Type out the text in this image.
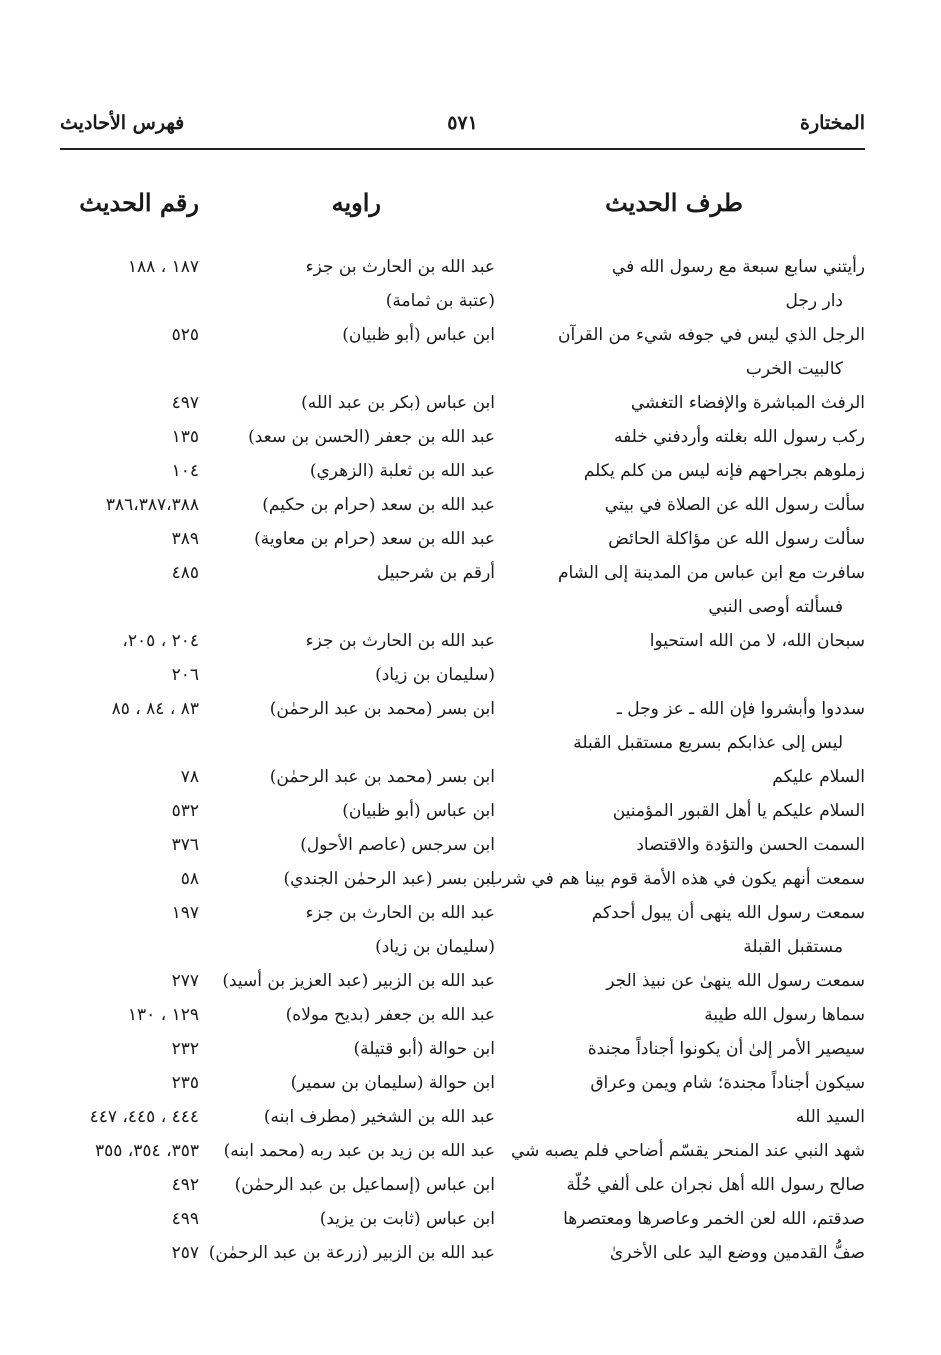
المختارة
٥٧١
فهرس الأحاديث
طرف الحديث
راويه
رقم الحديث
رأيتني سابع سبعة مع رسول الله في
دار رجل
عبد الله بن الحارث بن جزء
(عتبة بن ثمامة)
١٨٧ ، ١٨٨
الرجل الذي ليس في جوفه شيء من القرآن
كالبيت الخرب
ابن عباس (أبو ظبيان)
٥٢٥
الرفث المباشرة والإفضاء التغشي
ابن عباس (بكر بن عبد الله)
٤٩٧
ركب رسول الله بغلته وأردفني خلفه
عبد الله بن جعفر (الحسن بن سعد)
١٣٥
زملوهم بجراحهم فإنه ليس من كلم يكلم
عبد الله بن ثعلبة (الزهري)
١٠٤
سألت رسول الله عن الصلاة في بيتي
عبد الله بن سعد (حرام بن حكيم)
٣٨٦،٣٨٧،٣٨٨
سألت رسول الله عن مؤاكلة الحائض
عبد الله بن سعد (حرام بن معاوية)
٣٨٩
سافرت مع ابن عباس من المدينة إلى الشام
فسألته أوصى النبي
أرقم بن شرحبيل
٤٨٥
سبحان الله، لا من الله استحيوا
عبد الله بن الحارث بن جزء
(سليمان بن زياد)
٢٠٤ ، ٢٠٥،
٢٠٦
سددوا وأبشروا فإن الله ـ عز وجل ـ
ليس إلى عذابكم بسريع مستقبل القبلة
ابن بسر (محمد بن عبد الرحمٰن)
٨٣ ، ٨٤ ، ٨٥
السلام عليكم
ابن بسر (محمد بن عبد الرحمٰن)
٧٨
السلام عليكم يا أهل القبور المؤمنين
ابن عباس (أبو ظبيان)
٥٣٢
السمت الحسن والتؤدة والاقتصاد
ابن سرجس (عاصم الأحول)
٣٧٦
سمعت أنهم يكون في هذه الأمة قوم بينا هم في شرب
ابن بسر (عبد الرحمٰن الجندي)
٥٨
سمعت رسول الله ينهى أن يبول أحدكم
مستقبل القبلة
عبد الله بن الحارث بن جزء
(سليمان بن زياد)
١٩٧
سمعت رسول الله ينهىٰ عن نبيذ الجر
عبد الله بن الزبير (عبد العزيز بن أسيد)
٢٧٧
سماها رسول الله طيبة
عبد الله بن جعفر (بديح مولاه)
١٢٩ ، ١٣٠
سيصير الأمر إلىٰ أن يكونوا أجناداً مجندة
ابن حوالة (أبو قتيلة)
٢٣٢
سيكون أجناداً مجندة؛ شام ويمن وعراق
ابن حوالة (سليمان بن سمير)
٢٣٥
السيد الله
عبد الله بن الشخير (مطرف ابنه)
٤٤٤ ، ٤٤٥، ٤٤٧
شهد النبي عند المنحر يقسّم أضاحي فلم يصبه شي
عبد الله بن زيد بن عبد ربه (محمد ابنه)
٣٥٣، ٣٥٤، ٣٥٥
صالح رسول الله أهل نجران على ألفي حُلّة
ابن عباس (إسماعيل بن عبد الرحمٰن)
٤٩٢
صدقتم، الله لعن الخمر وعاصرها ومعتصرها
ابن عباس (ثابت بن يزيد)
٤٩٩
صفُّ القدمين ووضع اليد على الأخرىٰ
عبد الله بن الزبير (زرعة بن عبد الرحمٰن)
٢٥٧
